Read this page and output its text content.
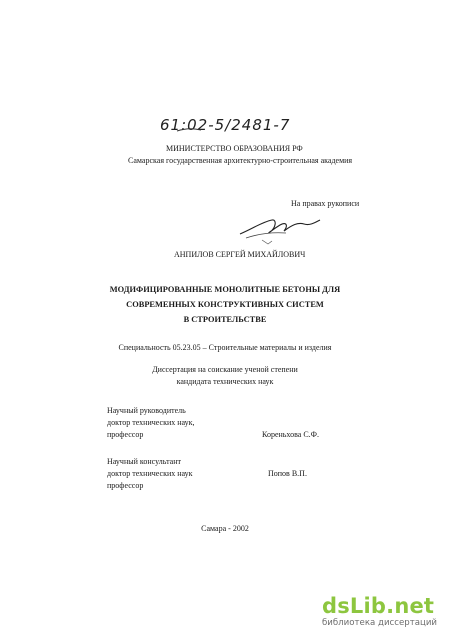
61:02-5/2481-7
МИНИСТЕРСТВО ОБРАЗОВАНИЯ РФ
Самарская государственная архитектурно-строительная академия
На правах рукописи
АНПИЛОВ СЕРГЕЙ МИХАЙЛОВИЧ
МОДИФИЦИРОВАННЫЕ МОНОЛИТНЫЕ БЕТОНЫ ДЛЯ
СОВРЕМЕННЫХ КОНСТРУКТИВНЫХ СИСТЕМ
В СТРОИТЕЛЬСТВЕ
Специальность 05.23.05 – Строительные материалы и изделия
Диссертация на соискание ученой степени
кандидата технических наук
Научный руководитель
доктор технических наук,
профессор	Кореньхова С.Ф.
Научный консультант
доктор технических наук
профессор
Попов В.П.
Самара - 2002
dsLib.net
библиотека диссертаций
